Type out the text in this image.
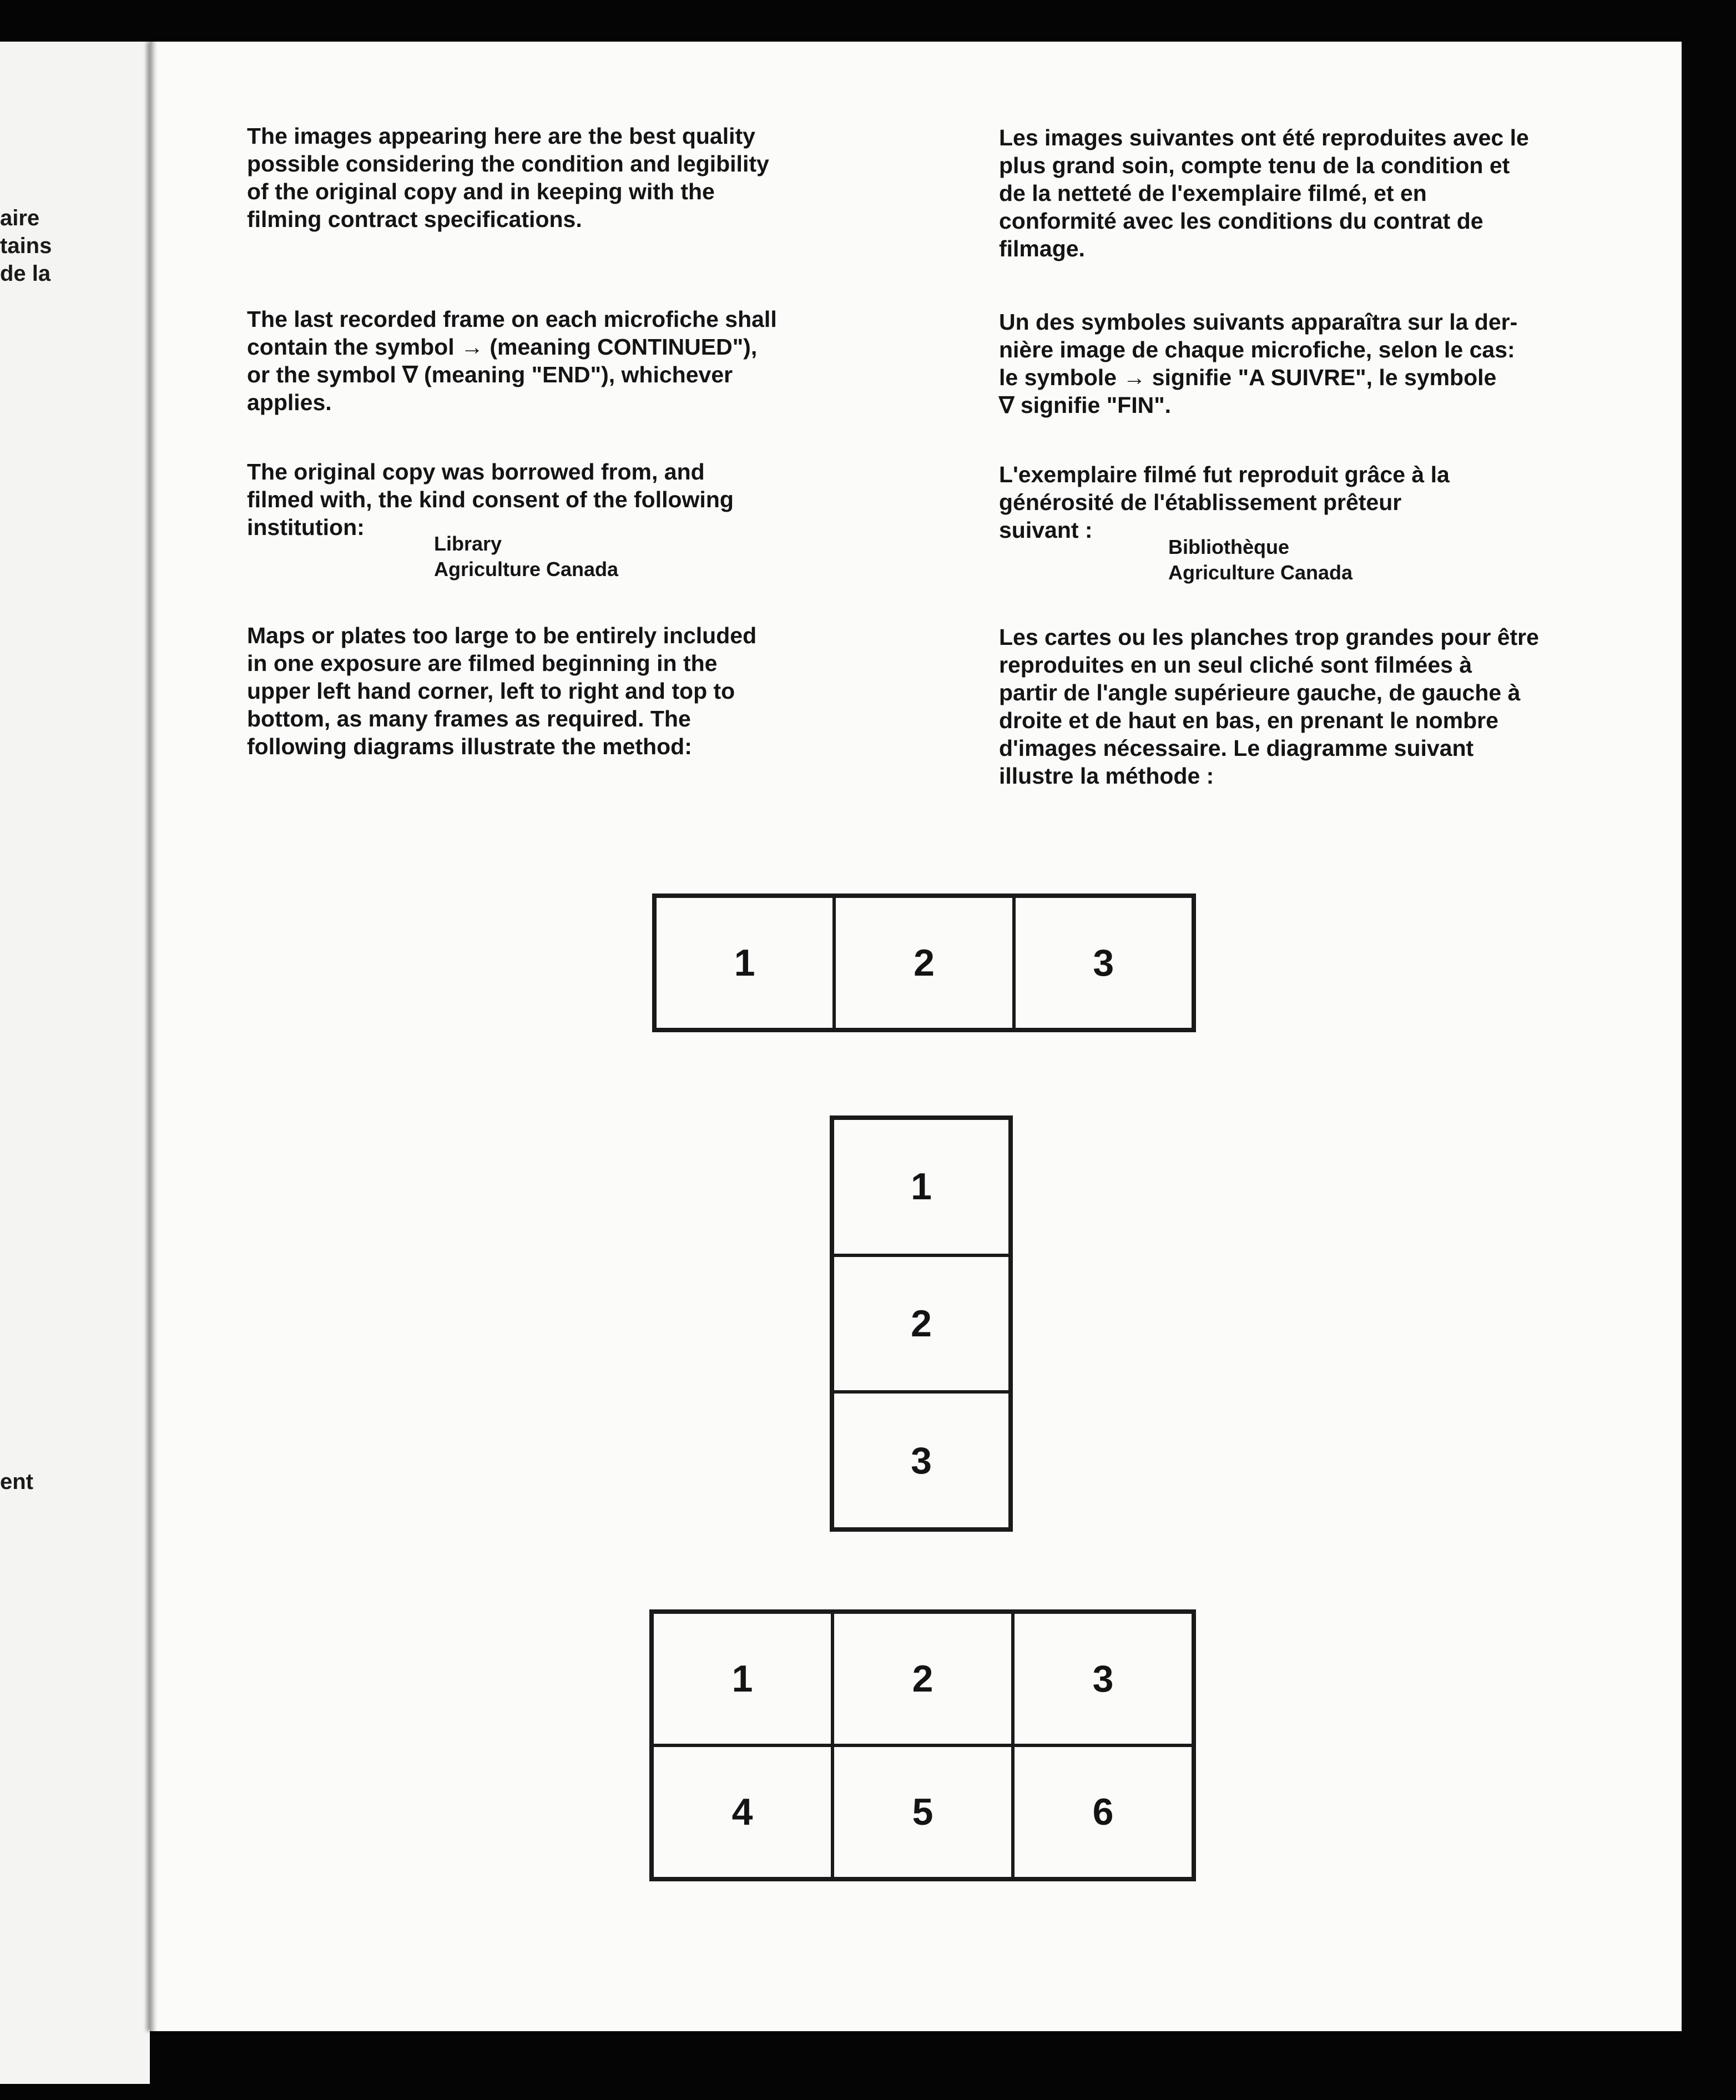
aire
tains
de la
ent
The images appearing here are the best quality
possible considering the condition and legibility
of the original copy and in keeping with the
filming contract specifications.
The last recorded frame on each microfiche shall
contain the symbol → (meaning CONTINUED"),
or the symbol ∇ (meaning "END"), whichever
applies.
The original copy was borrowed from, and
filmed with, the kind consent of the following
institution:
Library
Agriculture Canada
Maps or plates too large to be entirely included
in one exposure are filmed beginning in the
upper left hand corner, left to right and top to
bottom, as many frames as required. The
following diagrams illustrate the method:
Les images suivantes ont été reproduites avec le
plus grand soin, compte tenu de la condition et
de la netteté de l'exemplaire filmé, et en
conformité avec les conditions du contrat de
filmage.
Un des symboles suivants apparaîtra sur la der-
nière image de chaque microfiche, selon le cas:
le symbole → signifie "A SUIVRE", le symbole
∇ signifie "FIN".
L'exemplaire filmé fut reproduit grâce à la
générosité de l'établissement prêteur
suivant :
Bibliothèque
Agriculture Canada
Les cartes ou les planches trop grandes pour être
reproduites en un seul cliché sont filmées à
partir de l'angle supérieure gauche, de gauche à
droite et de haut en bas, en prenant le nombre
d'images nécessaire. Le diagramme suivant
illustre la méthode :
1	2	3
1
2
3
1	2	3
4	5	6
